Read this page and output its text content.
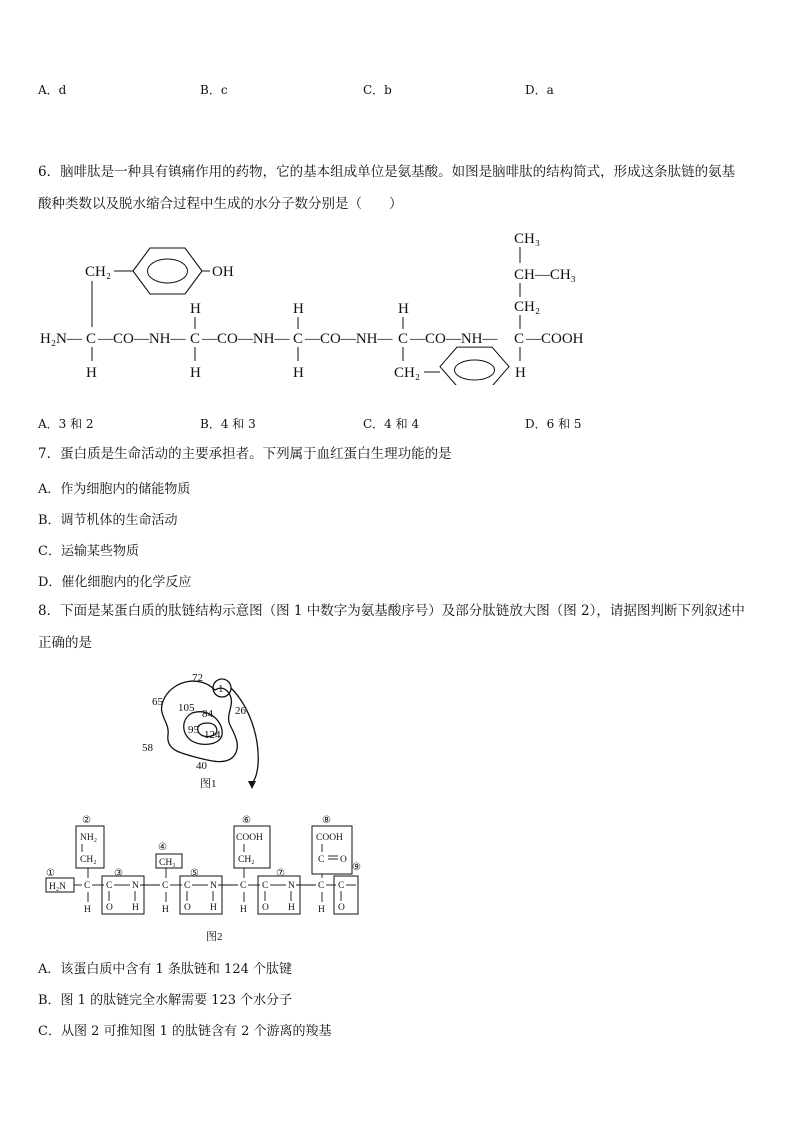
A．d	B．c	C．b	D．a
6．脑啡肽是一种具有镇痛作用的药物，它的基本组成单位是氨基酸。如图是脑啡肽的结构简式，形成这条肽链的氨基
酸种类数以及脱水缩合过程中生成的水分子数分别是（　　）
CH₃
CH—CH₃
CH₂
CH₂	OH
H	H	H
H₂N— C —CO—NH— C —CO—NH— C —CO—NH— C —CO—NH— C —COOH
H	H	H	CH₂	H
A．3 和 2	B．4 和 3	C．4 和 4	D．6 和 5
7．蛋白质是生命活动的主要承担者。下列属于血红蛋白生理功能的是
A．作为细胞内的储能物质
B．调节机体的生命活动
C．运输某些物质
D．催化细胞内的化学反应
8．下面是某蛋白质的肽链结构示意图（图 1 中数字为氨基酸序号）及部分肽链放大图（图 2），请据图判断下列叙述中
正确的是
72
65
1
105 84 26
95 124
58
40
图1
②
④
⑥	⑧
①	③	⑤	⑦
⑨
NH₂
CH₂	CH₃
COOH
CH₂
COOH
H₂N C	C	C	C
H	H	H	H
C N
O H
C N
O H
C N
O H
C
O
图2
C O
A．该蛋白质中含有 1 条肽链和 124 个肽键
B．图 1 的肽链完全水解需要 123 个水分子
C．从图 2 可推知图 1 的肽链含有 2 个游离的羧基
